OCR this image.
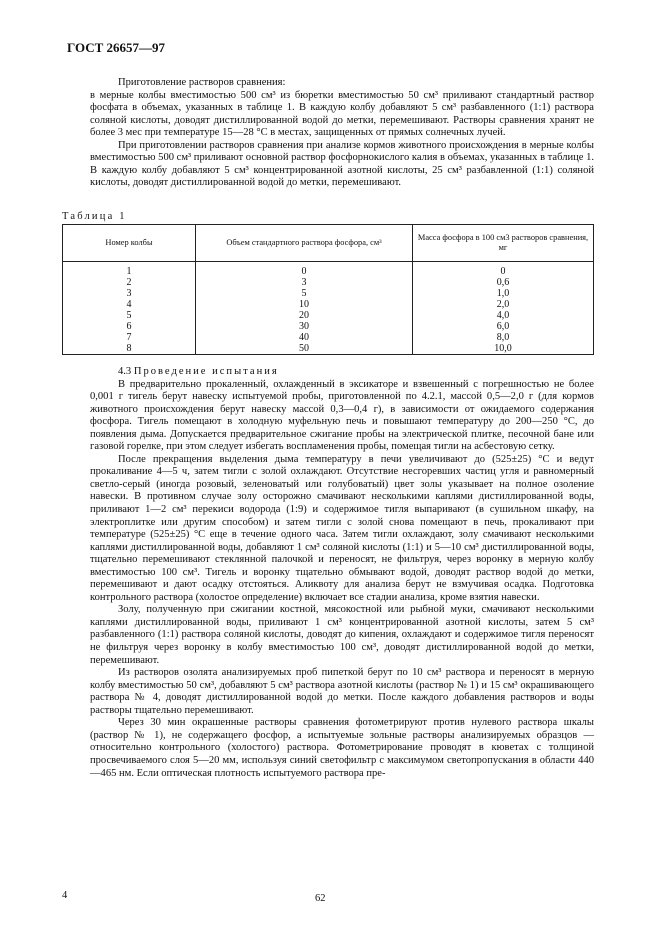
ГОСТ 26657—97

Приготовление растворов сравнения:

в мерные колбы вместимостью 500 см³ из бюретки вместимостью 50 см³ приливают стандартный раствор фосфата в объемах, указанных в таблице 1. В каждую колбу добавляют 5 см³ разбавленного (1:1) раствора соляной кислоты, доводят дистиллированной водой до метки, перемешивают. Растворы сравнения хранят не более 3 мес при температуре 15—28 °С в местах, защищенных от прямых солнечных лучей.

При приготовлении растворов сравнения при анализе кормов животного происхождения в мерные колбы вместимостью 500 см³ приливают основной раствор фосфорнокислого калия в объемах, указанных в таблице 1. В каждую колбу добавляют 5 см³ концентрированной азотной кислоты, 25 см³ разбавленной (1:1) соляной кислоты, доводят дистиллированной водой до метки, перемешивают.

Таблица 1
Номер колбы	Объем стандартного раствора фосфора, см³	Масса фосфора в 100 см3 растворов сравнения, мг
1	0	0
2	3	0,6
3	5	1,0
4	10	2,0
5	20	4,0
6	30	6,0
7	40	8,0
8	50	10,0

4.3 Проведение испытания

В предварительно прокаленный, охлажденный в эксикаторе и взвешенный с погрешностью не более 0,001 г тигель берут навеску испытуемой пробы, приготовленной по 4.2.1, массой 0,5—2,0 г (для кормов животного происхождения берут навеску массой 0,3—0,4 г), в зависимости от ожидаемого содержания фосфора. Тигель помещают в холодную муфельную печь и повышают температуру до 200—250 °С, до появления дыма. Допускается предварительное сжигание пробы на электрической плитке, песочной бане или газовой горелке, при этом следует избегать воспламенения пробы, помещая тигли на асбестовую сетку.

После прекращения выделения дыма температуру в печи увеличивают до (525±25) °С и ведут прокаливание 4—5 ч, затем тигли с золой охлаждают. Отсутствие несгоревших частиц угля и равномерный светло-серый (иногда розовый, зеленоватый или голубоватый) цвет золы указывает на полное озоление навески. В противном случае золу осторожно смачивают несколькими каплями дистиллированной воды, приливают 1—2 см³ перекиси водорода (1:9) и содержимое тигля выпаривают (в сушильном шкафу, на электроплитке или другим способом) и затем тигли с золой снова помещают в печь, прокаливают при температуре (525±25) °С еще в течение одного часа. Затем тигли охлаждают, золу смачивают несколькими каплями дистиллированной воды, добавляют 1 см³ соляной кислоты (1:1) и 5—10 см³ дистиллированной воды, тщательно перемешивают стеклянной палочкой и переносят, не фильтруя, через воронку в мерную колбу вместимостью 100 см³. Тигель и воронку тщательно обмывают водой, доводят раствор водой до метки, перемешивают и дают осадку отстояться. Аликвоту для анализа берут не взмучивая осадка. Подготовка контрольного раствора (холостое определение) включает все стадии анализа, кроме взятия навески.

Золу, полученную при сжигании костной, мясокостной или рыбной муки, смачивают несколькими каплями дистиллированной воды, приливают 1 см³ концентрированной азотной кислоты, затем 5 см³ разбавленного (1:1) раствора соляной кислоты, доводят до кипения, охлаждают и содержимое тигля переносят не фильтруя через воронку в колбу вместимостью 100 см³, доводят дистиллированной водой до метки, перемешивают.

Из растворов озолята анализируемых проб пипеткой берут по 10 см³ раствора и переносят в мерную колбу вместимостью 50 см³, добавляют 5 см³ раствора азотной кислоты (раствор № 1) и 15 см³ окрашивающего раствора № 4, доводят дистиллированной водой до метки. После каждого добавления растворов и воды растворы тщательно перемешивают.

Через 30 мин окрашенные растворы сравнения фотометрируют против нулевого раствора шкалы (раствор № 1), не содержащего фосфор, а испытуемые зольные растворы анализируемых образцов — относительно контрольного (холостого) раствора. Фотометрирование проводят в кюветах с толщиной просвечиваемого слоя 5—20 мм, используя синий светофильтр с максимумом светопропускания в области 440—465 нм. Если оптическая плотность испытуемого раствора пре-

4	62
